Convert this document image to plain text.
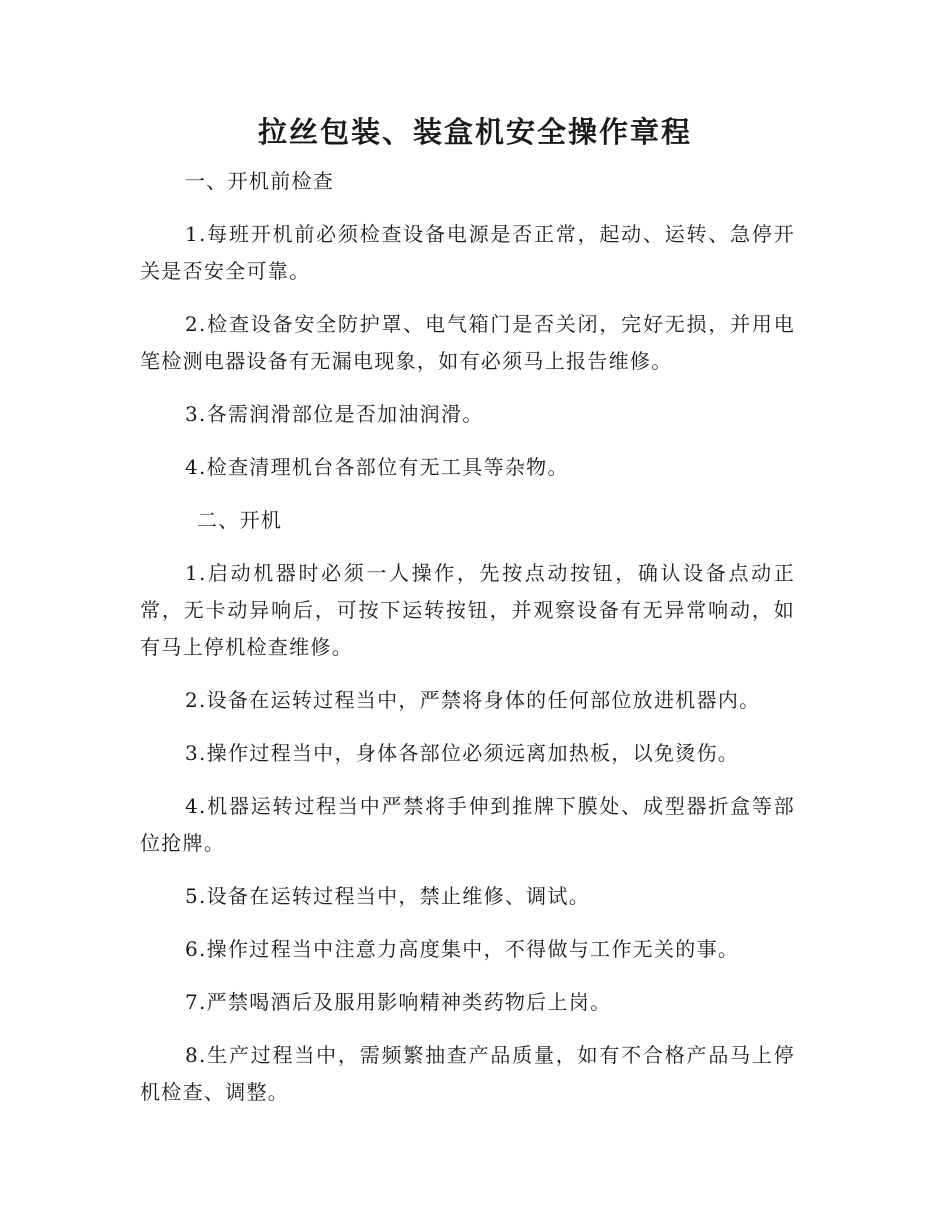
拉丝包装、装盒机安全操作章程

一、开机前检查

1.每班开机前必须检查设备电源是否正常，起动、运转、急停开关是否安全可靠。

2.检查设备安全防护罩、电气箱门是否关闭，完好无损，并用电笔检测电器设备有无漏电现象，如有必须马上报告维修。

3.各需润滑部位是否加油润滑。

4.检查清理机台各部位有无工具等杂物。

二、开机

1.启动机器时必须一人操作，先按点动按钮，确认设备点动正常，无卡动异响后，可按下运转按钮，并观察设备有无异常响动，如有马上停机检查维修。

2.设备在运转过程当中，严禁将身体的任何部位放进机器内。

3.操作过程当中，身体各部位必须远离加热板，以免烫伤。

4.机器运转过程当中严禁将手伸到推牌下膜处、成型器折盒等部位抢牌。

5.设备在运转过程当中，禁止维修、调试。

6.操作过程当中注意力高度集中，不得做与工作无关的事。

7.严禁喝酒后及服用影响精神类药物后上岗。

8.生产过程当中，需频繁抽查产品质量，如有不合格产品马上停机检查、调整。
